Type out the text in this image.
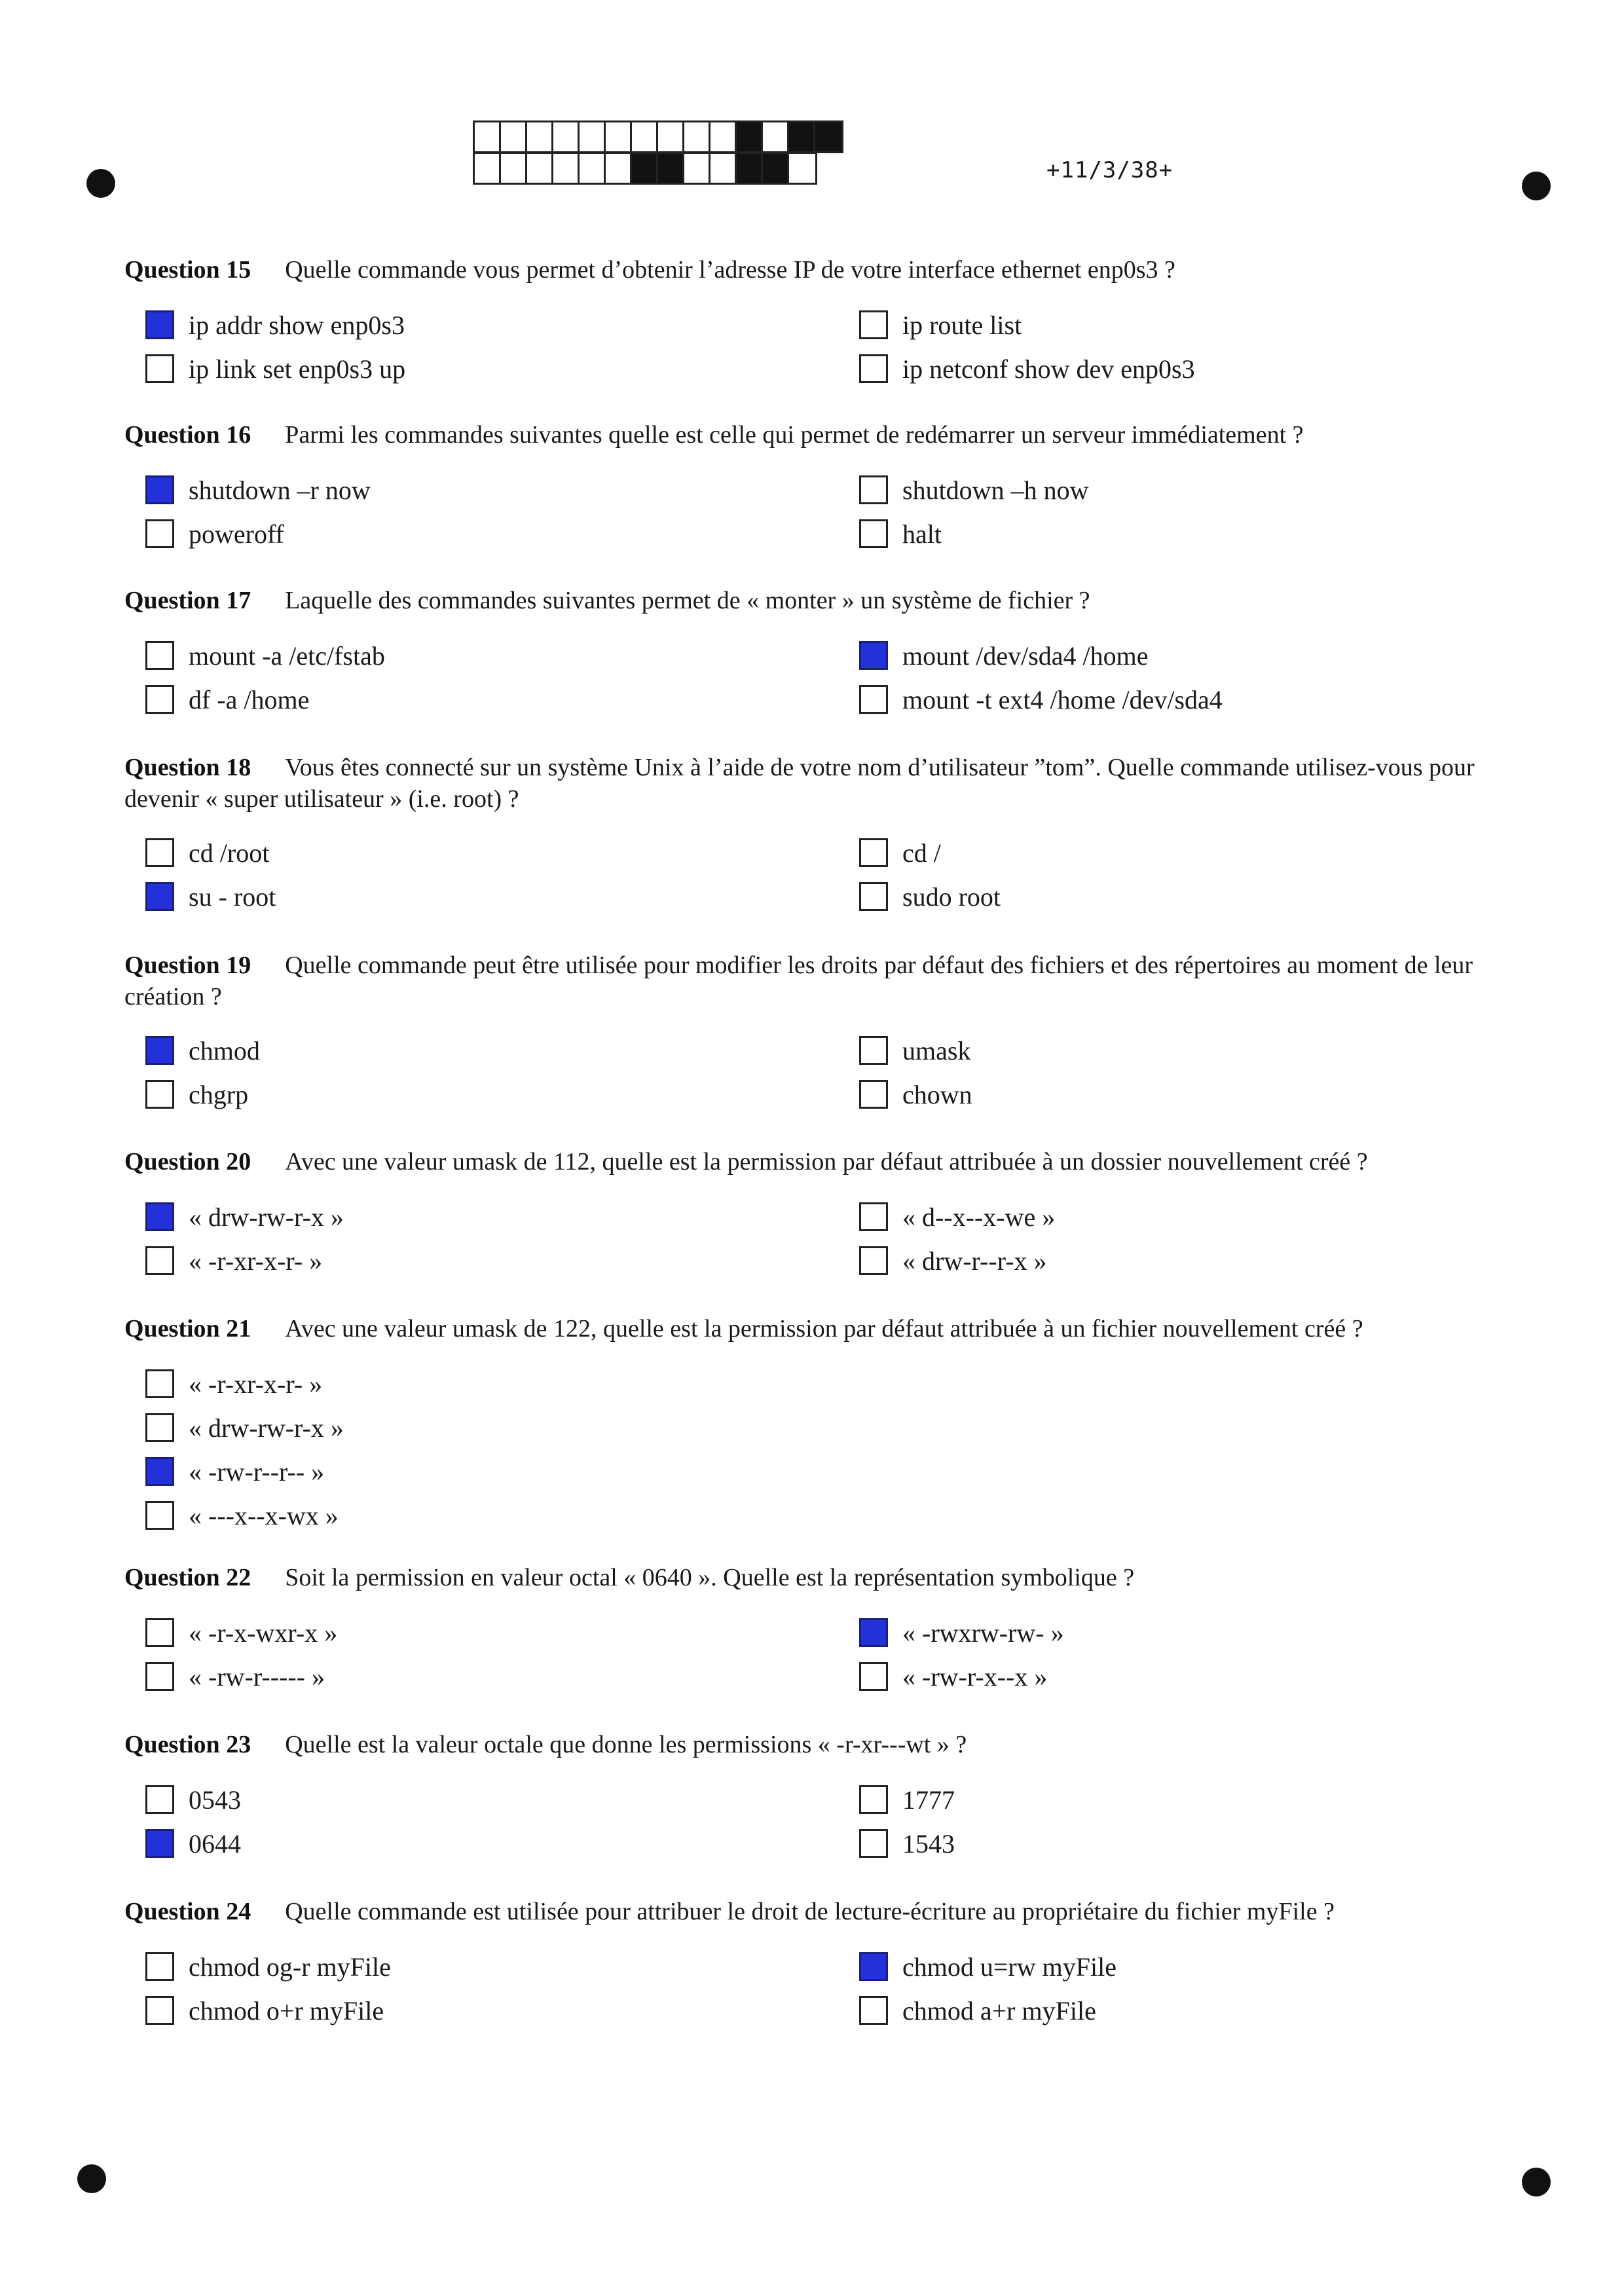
+11/3/38+

Question 15 Quelle commande vous permet d’obtenir l’adresse IP de votre interface ethernet enp0s3 ?

ip addr show enp0s3	ip route list
ip link set enp0s3 up	ip netconf show dev enp0s3

Question 16 Parmi les commandes suivantes quelle est celle qui permet de redémarrer un serveur immédiatement ?

shutdown –r now	shutdown –h now
poweroff	halt

Question 17 Laquelle des commandes suivantes permet de « monter » un système de fichier ?

mount -a /etc/fstab	mount /dev/sda4 /home
df -a /home	mount -t ext4 /home /dev/sda4

Question 18 Vous êtes connecté sur un système Unix à l’aide de votre nom d’utilisateur ”tom”. Quelle commande utilisez-vous pour devenir « super utilisateur » (i.e. root) ?

cd /root	cd /
su - root	sudo root

Question 19 Quelle commande peut être utilisée pour modifier les droits par défaut des fichiers et des répertoires au moment de leur création ?

chmod	umask
chgrp	chown

Question 20 Avec une valeur umask de 112, quelle est la permission par défaut attribuée à un dossier nouvellement créé ?

« drw-rw-r-x »	« d--x--x-we »
« -r-xr-x-r- »	« drw-r--r-x »

Question 21 Avec une valeur umask de 122, quelle est la permission par défaut attribuée à un fichier nouvellement créé ?

« -r-xr-x-r- »
« drw-rw-r-x »
« -rw-r--r-- »
« ---x--x-wx »

Question 22 Soit la permission en valeur octal « 0640 ». Quelle est la représentation symbolique ?

« -r-x-wxr-x »	« -rwxrw-rw- »
« -rw-r----- »	« -rw-r-x--x »

Question 23 Quelle est la valeur octale que donne les permissions « -r-xr---wt » ?

0543	1777
0644	1543

Question 24 Quelle commande est utilisée pour attribuer le droit de lecture-écriture au propriétaire du fichier myFile ?

chmod og-r myFile	chmod u=rw myFile
chmod o+r myFile	chmod a+r myFile
